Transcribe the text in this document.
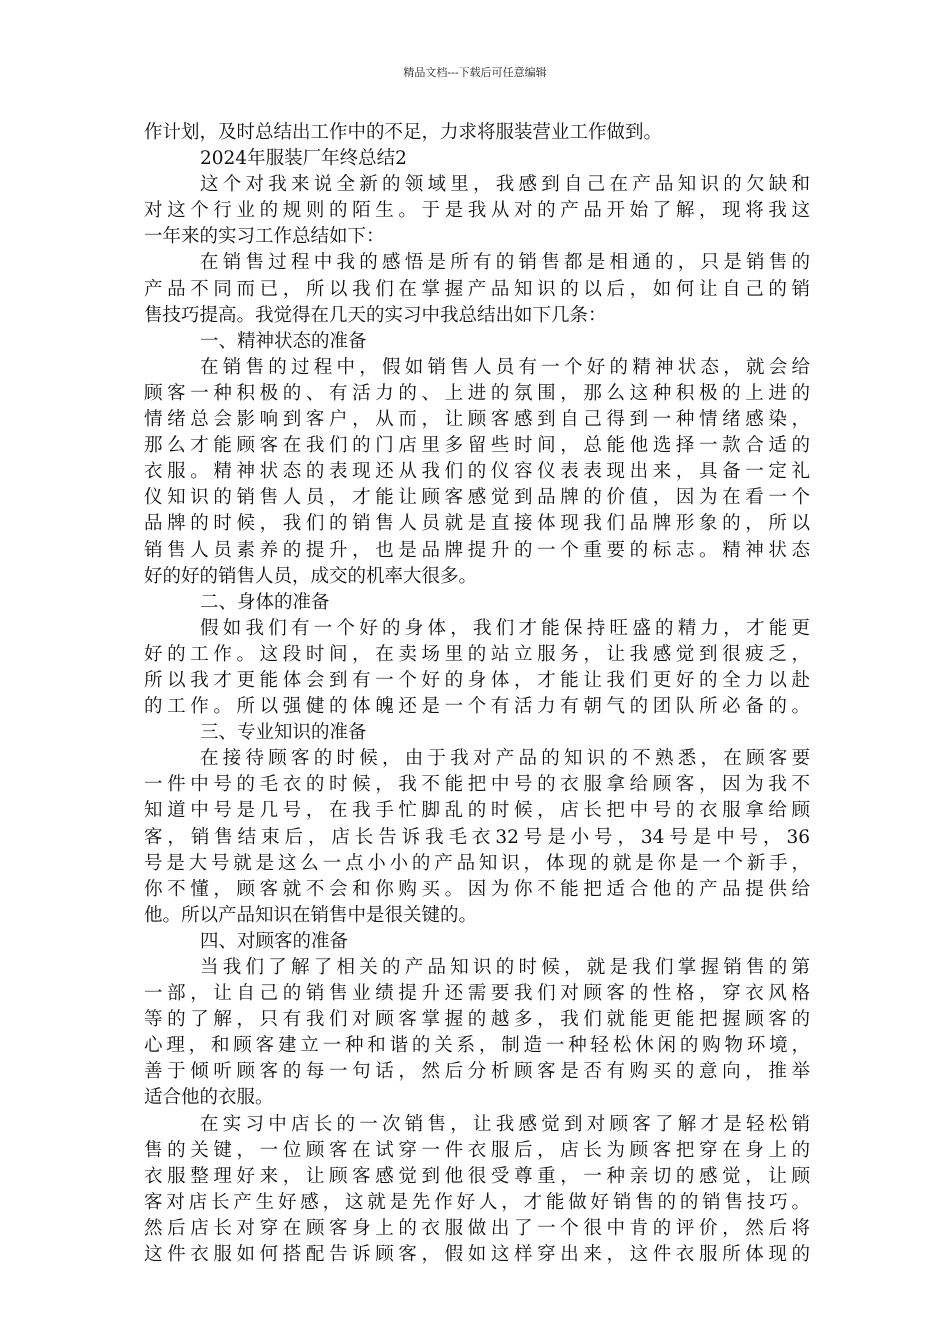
精品文档---下载后可任意编辑
作计划，及时总结出工作中的不足，力求将服装营业工作做到。
2024年服装厂年终总结2
这个对我来说全新的领域里，我感到自己在产品知识的欠缺和
对这个行业的规则的陌生。于是我从对的产品开始了解，现将我这
一年来的实习工作总结如下：
在销售过程中我的感悟是所有的销售都是相通的，只是销售的
产品不同而已，所以我们在掌握产品知识的以后，如何让自己的销
售技巧提高。我觉得在几天的实习中我总结出如下几条：
一、精神状态的准备
在销售的过程中，假如销售人员有一个好的精神状态，就会给
顾客一种积极的、有活力的、上进的氛围，那么这种积极的上进的
情绪总会影响到客户，从而，让顾客感到自己得到一种情绪感染，
那么才能顾客在我们的门店里多留些时间，总能他选择一款合适的
衣服。精神状态的表现还从我们的仪容仪表表现出来，具备一定礼
仪知识的销售人员，才能让顾客感觉到品牌的价值，因为在看一个
品牌的时候，我们的销售人员就是直接体现我们品牌形象的，所以
销售人员素养的提升，也是品牌提升的一个重要的标志。精神状态
好的好的销售人员，成交的机率大很多。
二、身体的准备
假如我们有一个好的身体，我们才能保持旺盛的精力，才能更
好的工作。这段时间，在卖场里的站立服务，让我感觉到很疲乏，
所以我才更能体会到有一个好的身体，才能让我们更好的全力以赴
的工作。所以强健的体魄还是一个有活力有朝气的团队所必备的。
三、专业知识的准备
在接待顾客的时候，由于我对产品的知识的不熟悉，在顾客要
一件中号的毛衣的时候，我不能把中号的衣服拿给顾客，因为我不
知道中号是几号，在我手忙脚乱的时候，店长把中号的衣服拿给顾
客，销售结束后，店长告诉我毛衣32号是小号，34号是中号，36
号是大号就是这么一点小小的产品知识，体现的就是你是一个新手，
你不懂，顾客就不会和你购买。因为你不能把适合他的产品提供给
他。所以产品知识在销售中是很关键的。
四、对顾客的准备
当我们了解了相关的产品知识的时候，就是我们掌握销售的第
一部，让自己的销售业绩提升还需要我们对顾客的性格，穿衣风格
等的了解，只有我们对顾客掌握的越多，我们就能更能把握顾客的
心理，和顾客建立一种和谐的关系，制造一种轻松休闲的购物环境，
善于倾听顾客的每一句话，然后分析顾客是否有购买的意向，推举
适合他的衣服。
在实习中店长的一次销售，让我感觉到对顾客了解才是轻松销
售的关键，一位顾客在试穿一件衣服后，店长为顾客把穿在身上的
衣服整理好来，让顾客感觉到他很受尊重，一种亲切的感觉，让顾
客对店长产生好感，这就是先作好人，才能做好销售的的销售技巧。
然后店长对穿在顾客身上的衣服做出了一个很中肯的评价，然后将
这件衣服如何搭配告诉顾客，假如这样穿出来，这件衣服所体现的
